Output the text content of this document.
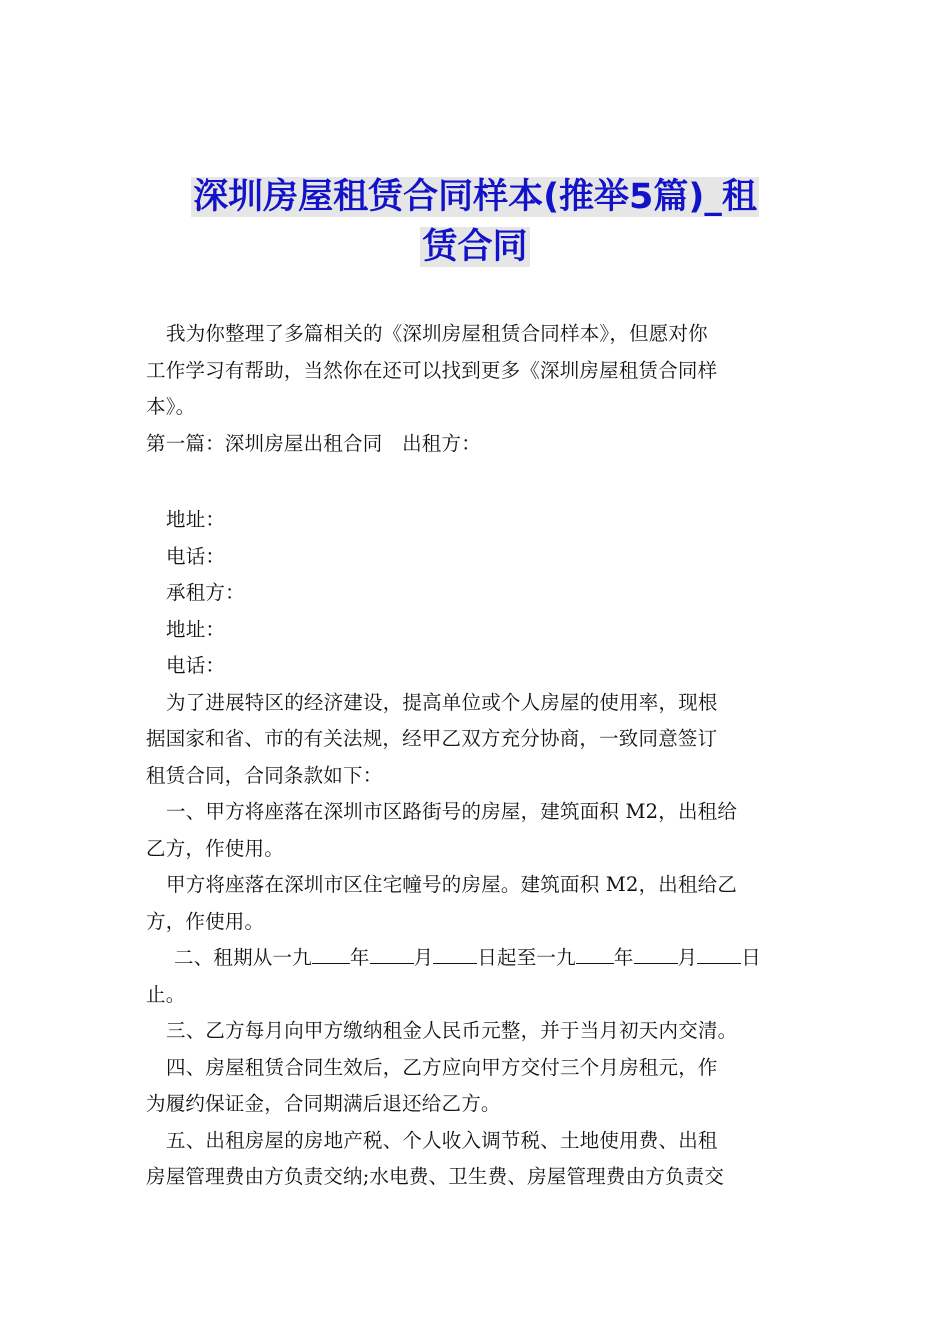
深圳房屋租赁合同样本(推举5篇)_租
赁合同

我为你整理了多篇相关的《深圳房屋租赁合同样本》，但愿对你

工作学习有帮助，当然你在还可以找到更多《深圳房屋租赁合同样

本》。

第一篇：深圳房屋出租合同　出租方：

地址：

电话：

承租方：

地址：

电话：

为了进展特区的经济建设，提高单位或个人房屋的使用率，现根

据国家和省、市的有关法规，经甲乙双方充分协商，一致同意签订

租赁合同，合同条款如下：

一、甲方将座落在深圳市区路街号的房屋，建筑面积 M2，出租给

乙方，作使用。

甲方将座落在深圳市区住宅幢号的房屋。建筑面积 M2，出租给乙

方，作使用。

二、租期从一九 年 月 日起至一九 年 月 日

止。

三、乙方每月向甲方缴纳租金人民币元整，并于当月初天内交清。

四、房屋租赁合同生效后，乙方应向甲方交付三个月房租元，作

为履约保证金，合同期满后退还给乙方。

五、出租房屋的房地产税、个人收入调节税、土地使用费、出租

房屋管理费由方负责交纳;水电费、卫生费、房屋管理费由方负责交
